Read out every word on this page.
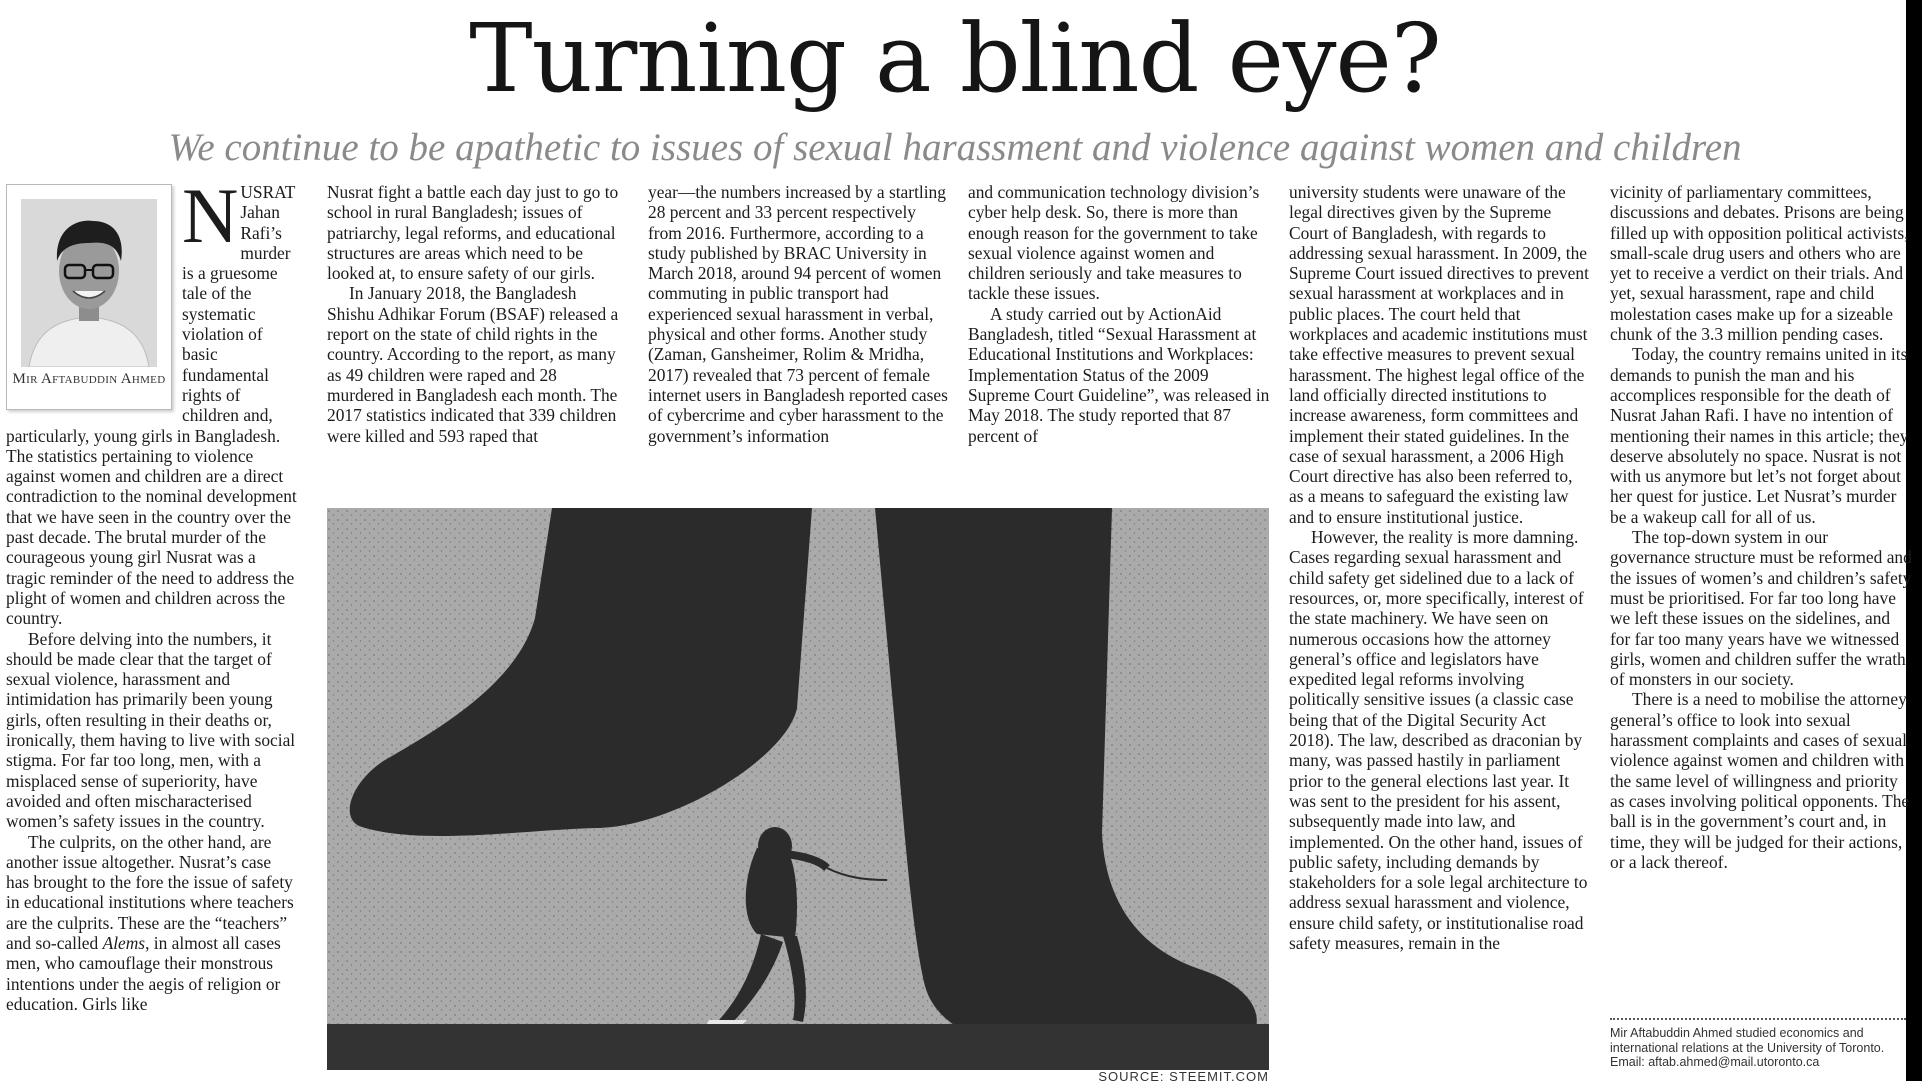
Turning a blind eye?
We continue to be apathetic to issues of sexual harassment and violence against women and children
Mir Aftabuddin Ahmed

NUSRAT Jahan Rafi’s murder is a gruesome tale of the systematic violation of basic fundamental rights of children and, particularly, young girls in Bangladesh. The statistics pertaining to violence against women and children are a direct contradiction to the nominal development that we have seen in the country over the past decade. The brutal murder of the courageous young girl Nusrat was a tragic reminder of the need to address the plight of women and children across the country.

Before delving into the numbers, it should be made clear that the target of sexual violence, harassment and intimidation has primarily been young girls, often resulting in their deaths or, ironically, them having to live with social stigma. For far too long, men, with a misplaced sense of superiority, have avoided and often mischaracterised women’s safety issues in the country.

The culprits, on the other hand, are another issue altogether. Nusrat’s case has brought to the fore the issue of safety in educational institutions where teachers are the culprits. These are the “teachers” and so-called Alems, in almost all cases men, who camouflage their monstrous intentions under the aegis of religion or education. Girls like

Nusrat fight a battle each day just to go to school in rural Bangladesh; issues of patriarchy, legal reforms, and educational structures are areas which need to be looked at, to ensure safety of our girls.

In January 2018, the Bangladesh Shishu Adhikar Forum (BSAF) released a report on the state of child rights in the country. According to the report, as many as 49 children were raped and 28 murdered in Bangladesh each month. The 2017 statistics indicated that 339 children were killed and 593 raped that

year—the numbers increased by a startling 28 percent and 33 percent respectively from 2016. Furthermore, according to a study published by BRAC University in March 2018, around 94 percent of women commuting in public transport had experienced sexual harassment in verbal, physical and other forms. Another study (Zaman, Gansheimer, Rolim & Mridha, 2017) revealed that 73 percent of female internet users in Bangladesh reported cases of cybercrime and cyber harassment to the government’s information

and communication technology division’s cyber help desk. So, there is more than enough reason for the government to take sexual violence against women and children seriously and take measures to tackle these issues.

A study carried out by ActionAid Bangladesh, titled “Sexual Harassment at Educational Institutions and Workplaces: Implementation Status of the 2009 Supreme Court Guideline”, was released in May 2018. The study reported that 87 percent of

university students were unaware of the legal directives given by the Supreme Court of Bangladesh, with regards to addressing sexual harassment. In 2009, the Supreme Court issued directives to prevent sexual harassment at workplaces and in public places. The court held that workplaces and academic institutions must take effective measures to prevent sexual harassment. The highest legal office of the land officially directed institutions to increase awareness, form committees and implement their stated guidelines. In the case of sexual harassment, a 2006 High Court directive has also been referred to, as a means to safeguard the existing law and to ensure institutional justice.

However, the reality is more damning. Cases regarding sexual harassment and child safety get sidelined due to a lack of resources, or, more specifically, interest of the state machinery. We have seen on numerous occasions how the attorney general’s office and legislators have expedited legal reforms involving politically sensitive issues (a classic case being that of the Digital Security Act 2018). The law, described as draconian by many, was passed hastily in parliament prior to the general elections last year. It was sent to the president for his assent, subsequently made into law, and implemented. On the other hand, issues of public safety, including demands by stakeholders for a sole legal architecture to address sexual harassment and violence, ensure child safety, or institutionalise road safety measures, remain in the

vicinity of parliamentary committees, discussions and debates. Prisons are being filled up with opposition political activists, small-scale drug users and others who are yet to receive a verdict on their trials. And yet, sexual harassment, rape and child molestation cases make up for a sizeable chunk of the 3.3 million pending cases.

Today, the country remains united in its demands to punish the man and his accomplices responsible for the death of Nusrat Jahan Rafi. I have no intention of mentioning their names in this article; they deserve absolutely no space. Nusrat is not with us anymore but let’s not forget about her quest for justice. Let Nusrat’s murder be a wakeup call for all of us.

The top-down system in our governance structure must be reformed and the issues of women’s and children’s safety must be prioritised. For far too long have we left these issues on the sidelines, and for far too many years have we witnessed girls, women and children suffer the wrath of monsters in our society.

There is a need to mobilise the attorney general’s office to look into sexual harassment complaints and cases of sexual violence against women and children with the same level of willingness and priority as cases involving political opponents. The ball is in the government’s court and, in time, they will be judged for their actions, or a lack thereof.

SOURCE: STEEMIT.COM
Mir Aftabuddin Ahmed studied economics and international relations at the University of Toronto.
Email: aftab.ahmed@mail.utoronto.ca
